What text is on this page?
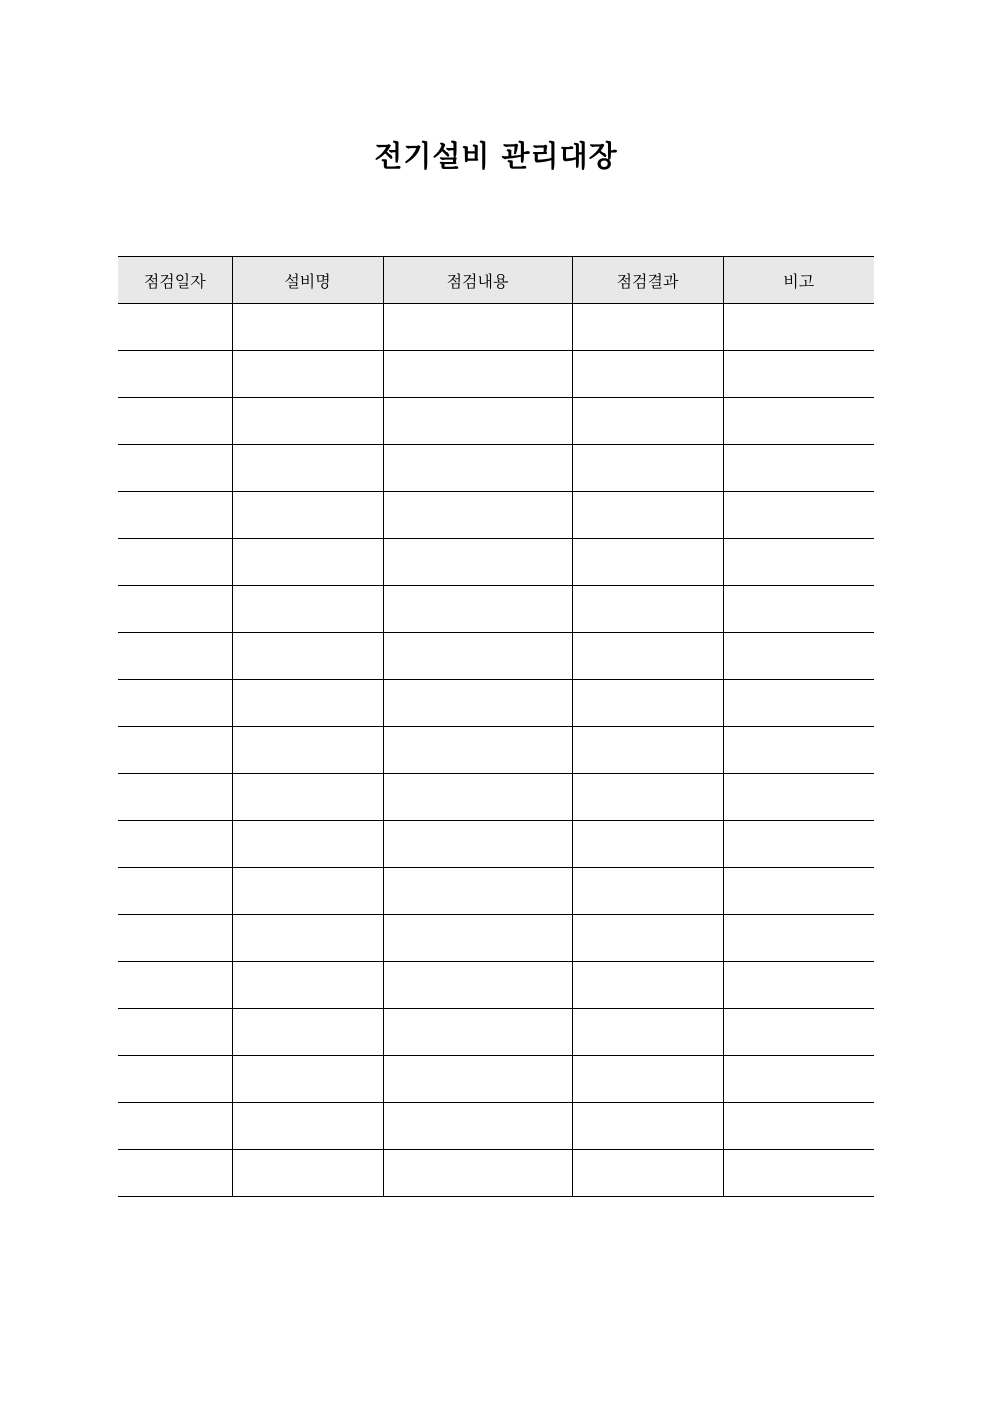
전기설비 관리대장
점검일자	설비명	점검내용	점검결과	비고
